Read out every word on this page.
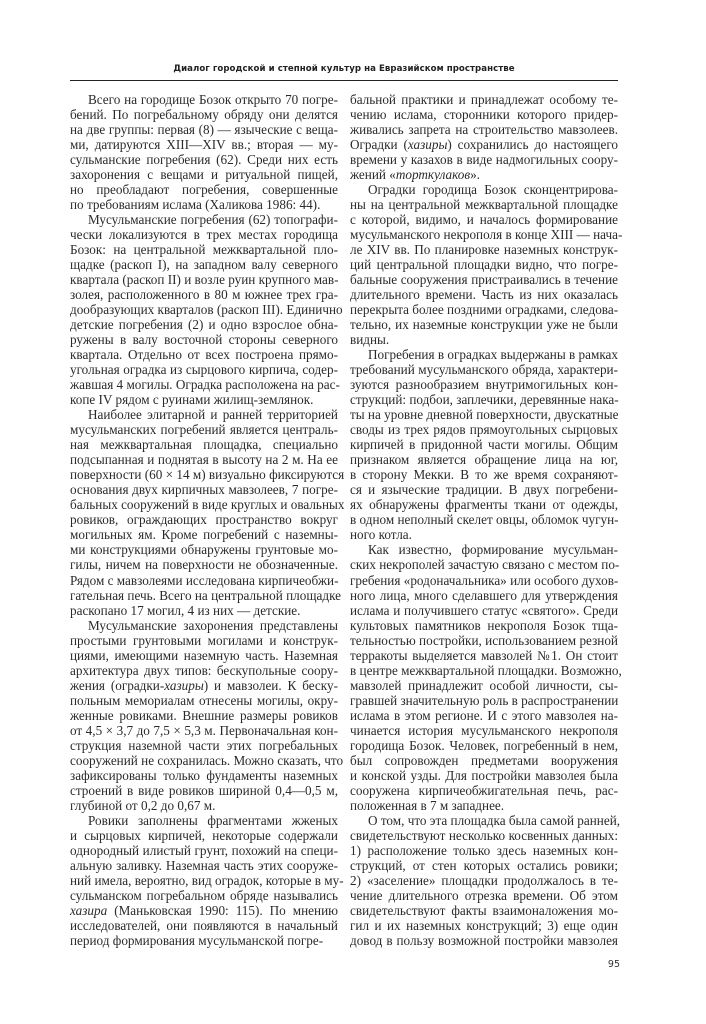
Диалог городской и степной культур на Евразийском пространстве
Всего на городище Бозок открыто 70 погре-
бений. По погребальному обряду они делятся
на две группы: первая (8) — языческие с веща-
ми, датируются XIII—XIV вв.; вторая — му-
сульманские погребения (62). Среди них есть
захоронения с вещами и ритуальной пищей,
но преобладают погребения, совершенные
по требованиям ислама (Халикова 1986: 44).
Мусульманские погребения (62) топографи-
чески локализуются в трех местах городища
Бозок: на центральной межквартальной пло-
щадке (раскоп I), на западном валу северного
квартала (раскоп II) и возле руин крупного мав-
золея, расположенного в 80 м южнее трех гра-
дообразующих кварталов (раскоп III). Единично
детские погребения (2) и одно взрослое обна-
ружены в валу восточной стороны северного
квартала. Отдельно от всех построена прямо-
угольная оградка из сырцового кирпича, содер-
жавшая 4 могилы. Оградка расположена на рас-
копе IV рядом с руинами жилищ-землянок.
Наиболее элитарной и ранней территорией
мусульманских погребений является централь-
ная межквартальная площадка, специально
подсыпанная и поднятая в высоту на 2 м. На ее
поверхности (60 × 14 м) визуально фиксируются
основания двух кирпичных мавзолеев, 7 погре-
бальных сооружений в виде круглых и овальных
ровиков, ограждающих пространство вокруг
могильных ям. Кроме погребений с наземны-
ми конструкциями обнаружены грунтовые мо-
гилы, ничем на поверхности не обозначенные.
Рядом с мавзолеями исследована кирпичеобжи-
гательная печь. Всего на центральной площадке
раскопано 17 могил, 4 из них — детские.
Мусульманские захоронения представлены
простыми грунтовыми могилами и конструк-
циями, имеющими наземную часть. Наземная
архитектура двух типов: бескупольные соору-
жения (оградки-хазиры) и мавзолеи. К беску-
польным мемориалам отнесены могилы, окру-
женные ровиками. Внешние размеры ровиков
от 4,5 × 3,7 до 7,5 × 5,3 м. Первоначальная кон-
струкция наземной части этих погребальных
сооружений не сохранилась. Можно сказать, что
зафиксированы только фундаменты наземных
строений в виде ровиков шириной 0,4—0,5 м,
глубиной от 0,2 до 0,67 м.
Ровики заполнены фрагментами жженых
и сырцовых кирпичей, некоторые содержали
однородный илистый грунт, похожий на специ-
альную заливку. Наземная часть этих сооруже-
ний имела, вероятно, вид оградок, которые в му-
сульманском погребальном обряде назывались
хазира (Маньковская 1990: 115). По мнению
исследователей, они появляются в начальный
период формирования мусульманской погре-
бальной практики и принадлежат особому те-
чению ислама, сторонники которого придер-
живались запрета на строительство мавзолеев.
Оградки (хазиры) сохранились до настоящего
времени у казахов в виде надмогильных соору-
жений «торткулаков».
Оградки городища Бозок сконцентрирова-
ны на центральной межквартальной площадке
с которой, видимо, и началось формирование
мусульманского некрополя в конце XIII — нача-
ле XIV вв. По планировке наземных конструк-
ций центральной площадки видно, что погре-
бальные сооружения пристраивались в течение
длительного времени. Часть из них оказалась
перекрыта более поздними оградками, следова-
тельно, их наземные конструкции уже не были
видны.
Погребения в оградках выдержаны в рамках
требований мусульманского обряда, характери-
зуются разнообразием внутримогильных кон-
струкций: подбои, заплечики, деревянные нака-
ты на уровне дневной поверхности, двускатные
своды из трех рядов прямоугольных сырцовых
кирпичей в придонной части могилы. Общим
признаком является обращение лица на юг,
в сторону Мекки. В то же время сохраняют-
ся и языческие традиции. В двух погребени-
ях обнаружены фрагменты ткани от одежды,
в одном неполный скелет овцы, обломок чугун-
ного котла.
Как известно, формирование мусульман-
ских некрополей зачастую связано с местом по-
гребения «родоначальника» или особого духов-
ного лица, много сделавшего для утверждения
ислама и получившего статус «святого». Среди
культовых памятников некрополя Бозок тща-
тельностью постройки, использованием резной
терракоты выделяется мавзолей №1. Он стоит
в центре межквартальной площадки. Возможно,
мавзолей принадлежит особой личности, сы-
гравшей значительную роль в распространении
ислама в этом регионе. И с этого мавзолея на-
чинается история мусульманского некрополя
городища Бозок. Человек, погребенный в нем,
был сопровожден предметами вооружения
и конской узды. Для постройки мавзолея была
сооружена кирпичеобжигательная печь, рас-
положенная в 7 м западнее.
О том, что эта площадка была самой ранней,
свидетельствуют несколько косвенных данных:
1) расположение только здесь наземных кон-
струкций, от стен которых остались ровики;
2) «заселение» площадки продолжалось в те-
чение длительного отрезка времени. Об этом
свидетельствуют факты взаимоналожения мо-
гил и их наземных конструкций; 3) еще один
довод в пользу возможной постройки мавзолея
95
